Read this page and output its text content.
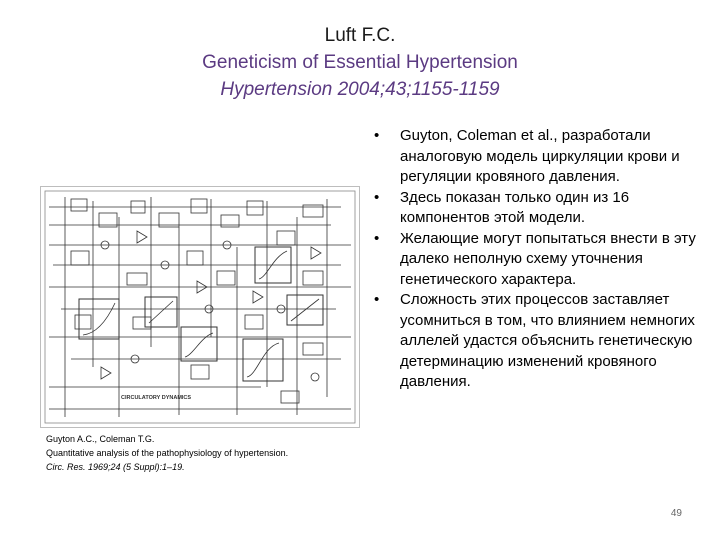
Luft F.C.
Geneticism of Essential Hypertension
Hypertension 2004;43;1155-1159
CIRCULATORY DYNAMICS
Guyton A.C., Coleman T.G.
Quantitative analysis of the pathophysiology of hypertension.
Circ. Res. 1969;24 (5 Suppl):1–19.
• Guyton, Coleman et al., разработали аналоговую модель циркуляции крови и регуляции кровяного давления.
• Здесь показан только один из 16 компонентов этой модели.
• Желающие могут попытаться внести в эту далеко неполную схему уточнения генетического характера.
• Сложность этих процессов заставляет усомниться в том, что влиянием немногих аллелей удастся объяснить генетическую детерминацию изменений кровяного давления.
49
